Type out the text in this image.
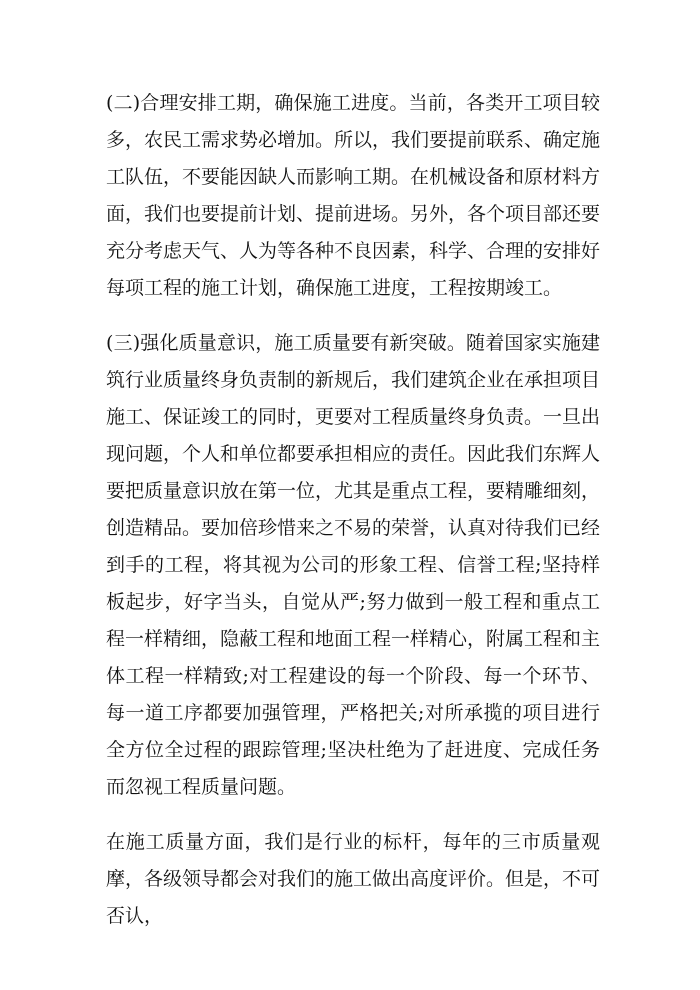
(二)合理安排工期，确保施工进度。当前，各类开工项目较多，农民工需求势必增加。所以，我们要提前联系、确定施工队伍，不要能因缺人而影响工期。在机械设备和原材料方面，我们也要提前计划、提前进场。另外，各个项目部还要充分考虑天气、人为等各种不良因素，科学、合理的安排好每项工程的施工计划，确保施工进度，工程按期竣工。

(三)强化质量意识，施工质量要有新突破。随着国家实施建筑行业质量终身负责制的新规后，我们建筑企业在承担项目施工、保证竣工的同时，更要对工程质量终身负责。一旦出现问题，个人和单位都要承担相应的责任。因此我们东辉人要把质量意识放在第一位，尤其是重点工程，要精雕细刻，创造精品。要加倍珍惜来之不易的荣誉，认真对待我们已经到手的工程，将其视为公司的形象工程、信誉工程;坚持样板起步，好字当头，自觉从严;努力做到一般工程和重点工程一样精细，隐蔽工程和地面工程一样精心，附属工程和主体工程一样精致;对工程建设的每一个阶段、每一个环节、每一道工序都要加强管理，严格把关;对所承揽的项目进行全方位全过程的跟踪管理;坚决杜绝为了赶进度、完成任务而忽视工程质量问题。

在施工质量方面，我们是行业的标杆，每年的三市质量观摩，各级领导都会对我们的施工做出高度评价。但是，不可否认，
